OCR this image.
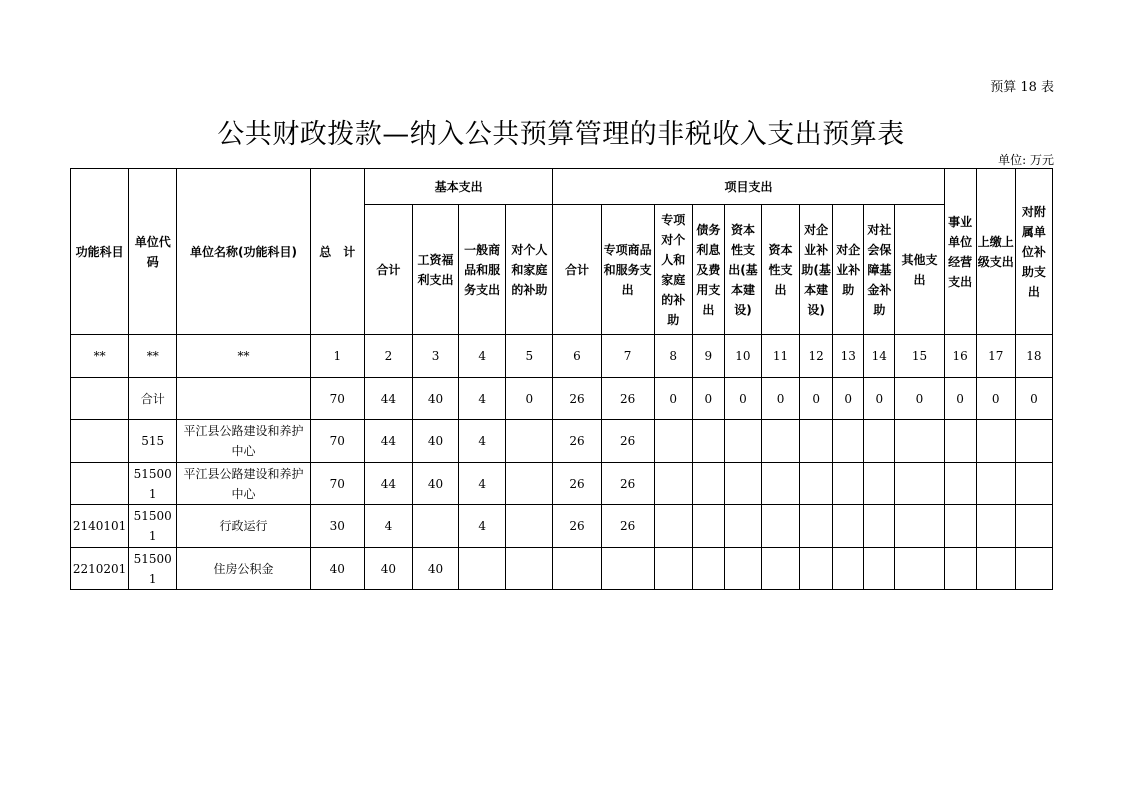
预算 18 表
公共财政拨款—纳入公共预算管理的非税收入支出预算表
单位: 万元
功能科目	单位代码	单位名称(功能科目)	总　计	基本支出				项目支出										事业单位经营支出	上缴上级支出	对附属单位补助支出
				合计	工资福利支出	一般商品和服务支出	对个人和家庭的补助	合计	专项商品和服务支出	专项对个人和家庭的补助	债务利息及费用支出	资本性支出(基本建设)	资本性支出	对企业补助(基本建设)	对企业补助	对社会保障基金补助	其他支出			
**	**	**	1	2	3	4	5	6	7	8	9	10	11	12	13	14	15	16	17	18
	合计		70	44	40	4	0	26	26	0	0	0	0	0	0	0	0	0	0	0
	515	平江县公路建设和养护中心	70	44	40	4		26	26											
	515001	平江县公路建设和养护中心	70	44	40	4		26	26											
2140101	515001	行政运行	30	4		4		26	26											
2210201	515001	住房公积金	40	40	40															
